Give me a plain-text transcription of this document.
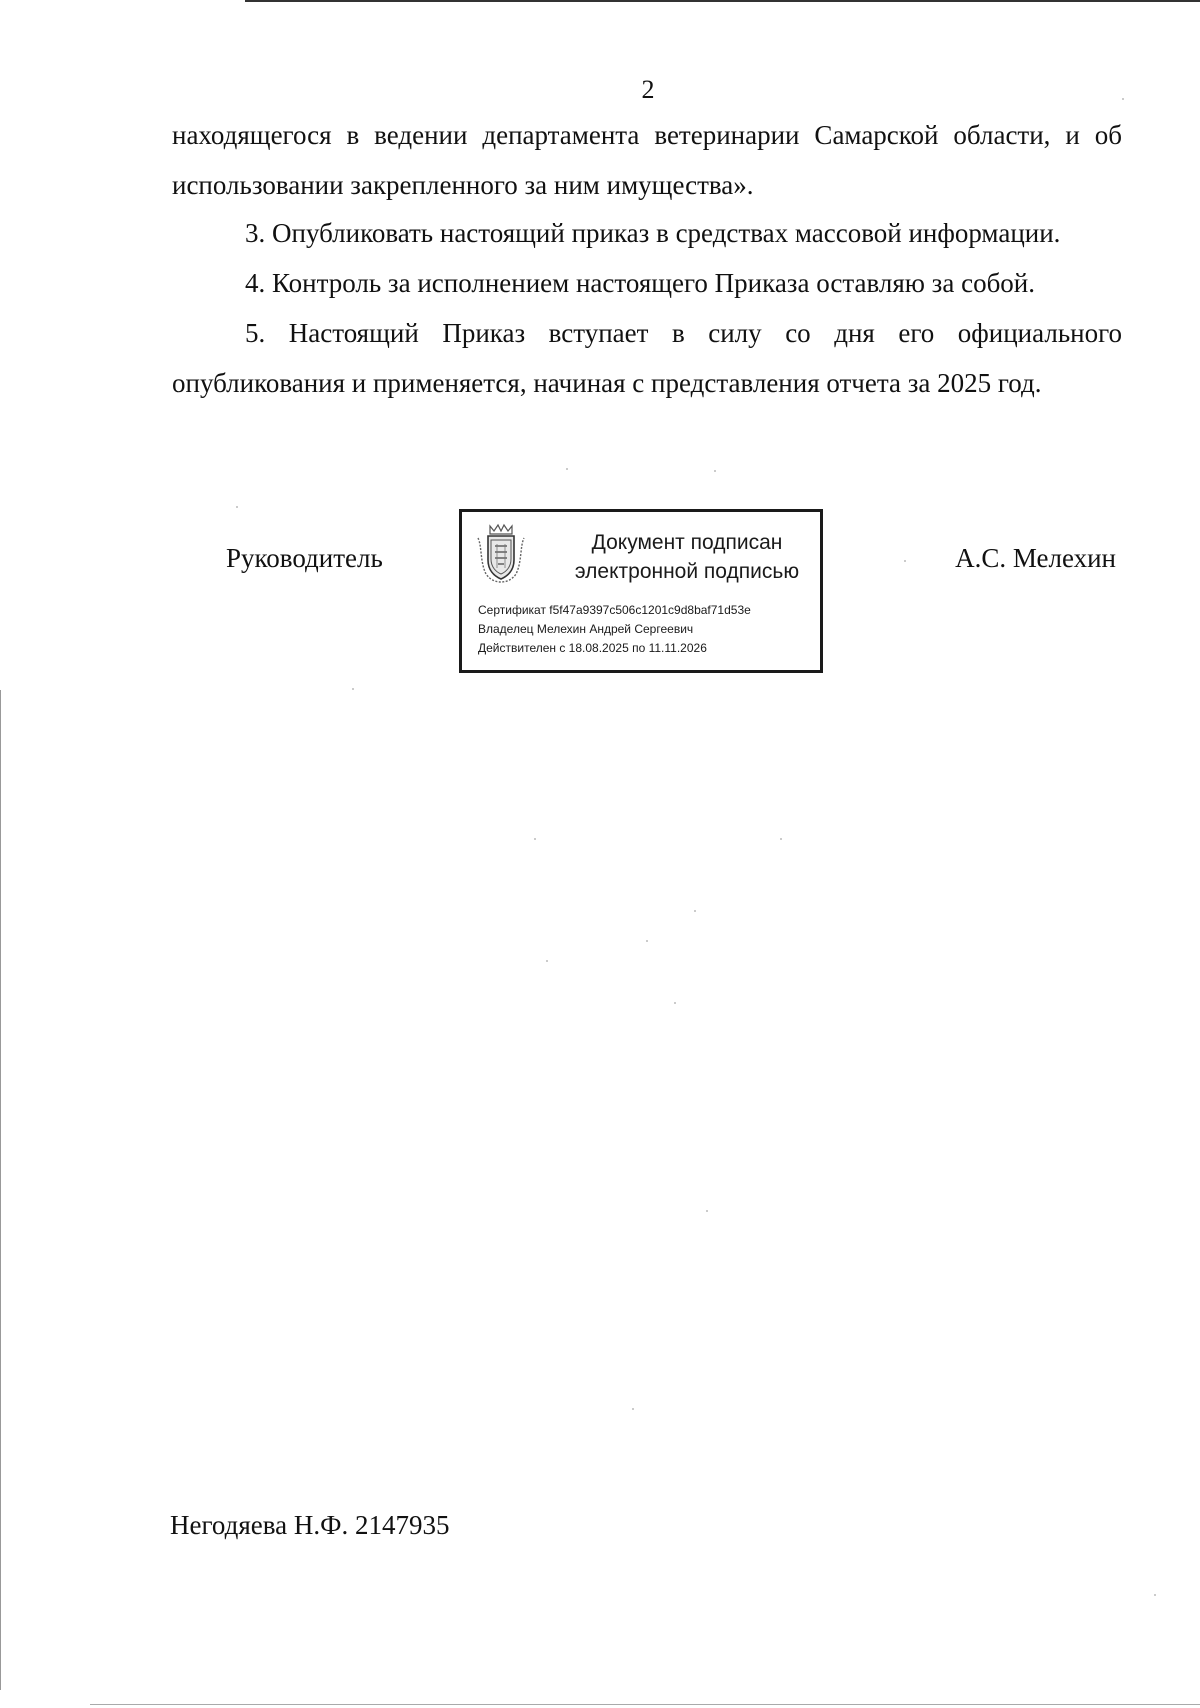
2

находящегося в ведении департамента ветеринарии Самарской области, и об использовании закрепленного за ним имущества».

3. Опубликовать настоящий приказ в средствах массовой информации.

4. Контроль за исполнением настоящего Приказа оставляю за собой.

5. Настоящий Приказ вступает в силу со дня его официального опубликования и применяется, начиная с представления отчета за 2025 год.

Руководитель
Документ подписан
электронной подписью
Сертификат f5f47a9397c506c1201c9d8baf71d53e
Владелец Мелехин Андрей Сергеевич
Действителен с 18.08.2025 по 11.11.2026
А.С. Мелехин
Негодяева Н.Ф. 2147935
